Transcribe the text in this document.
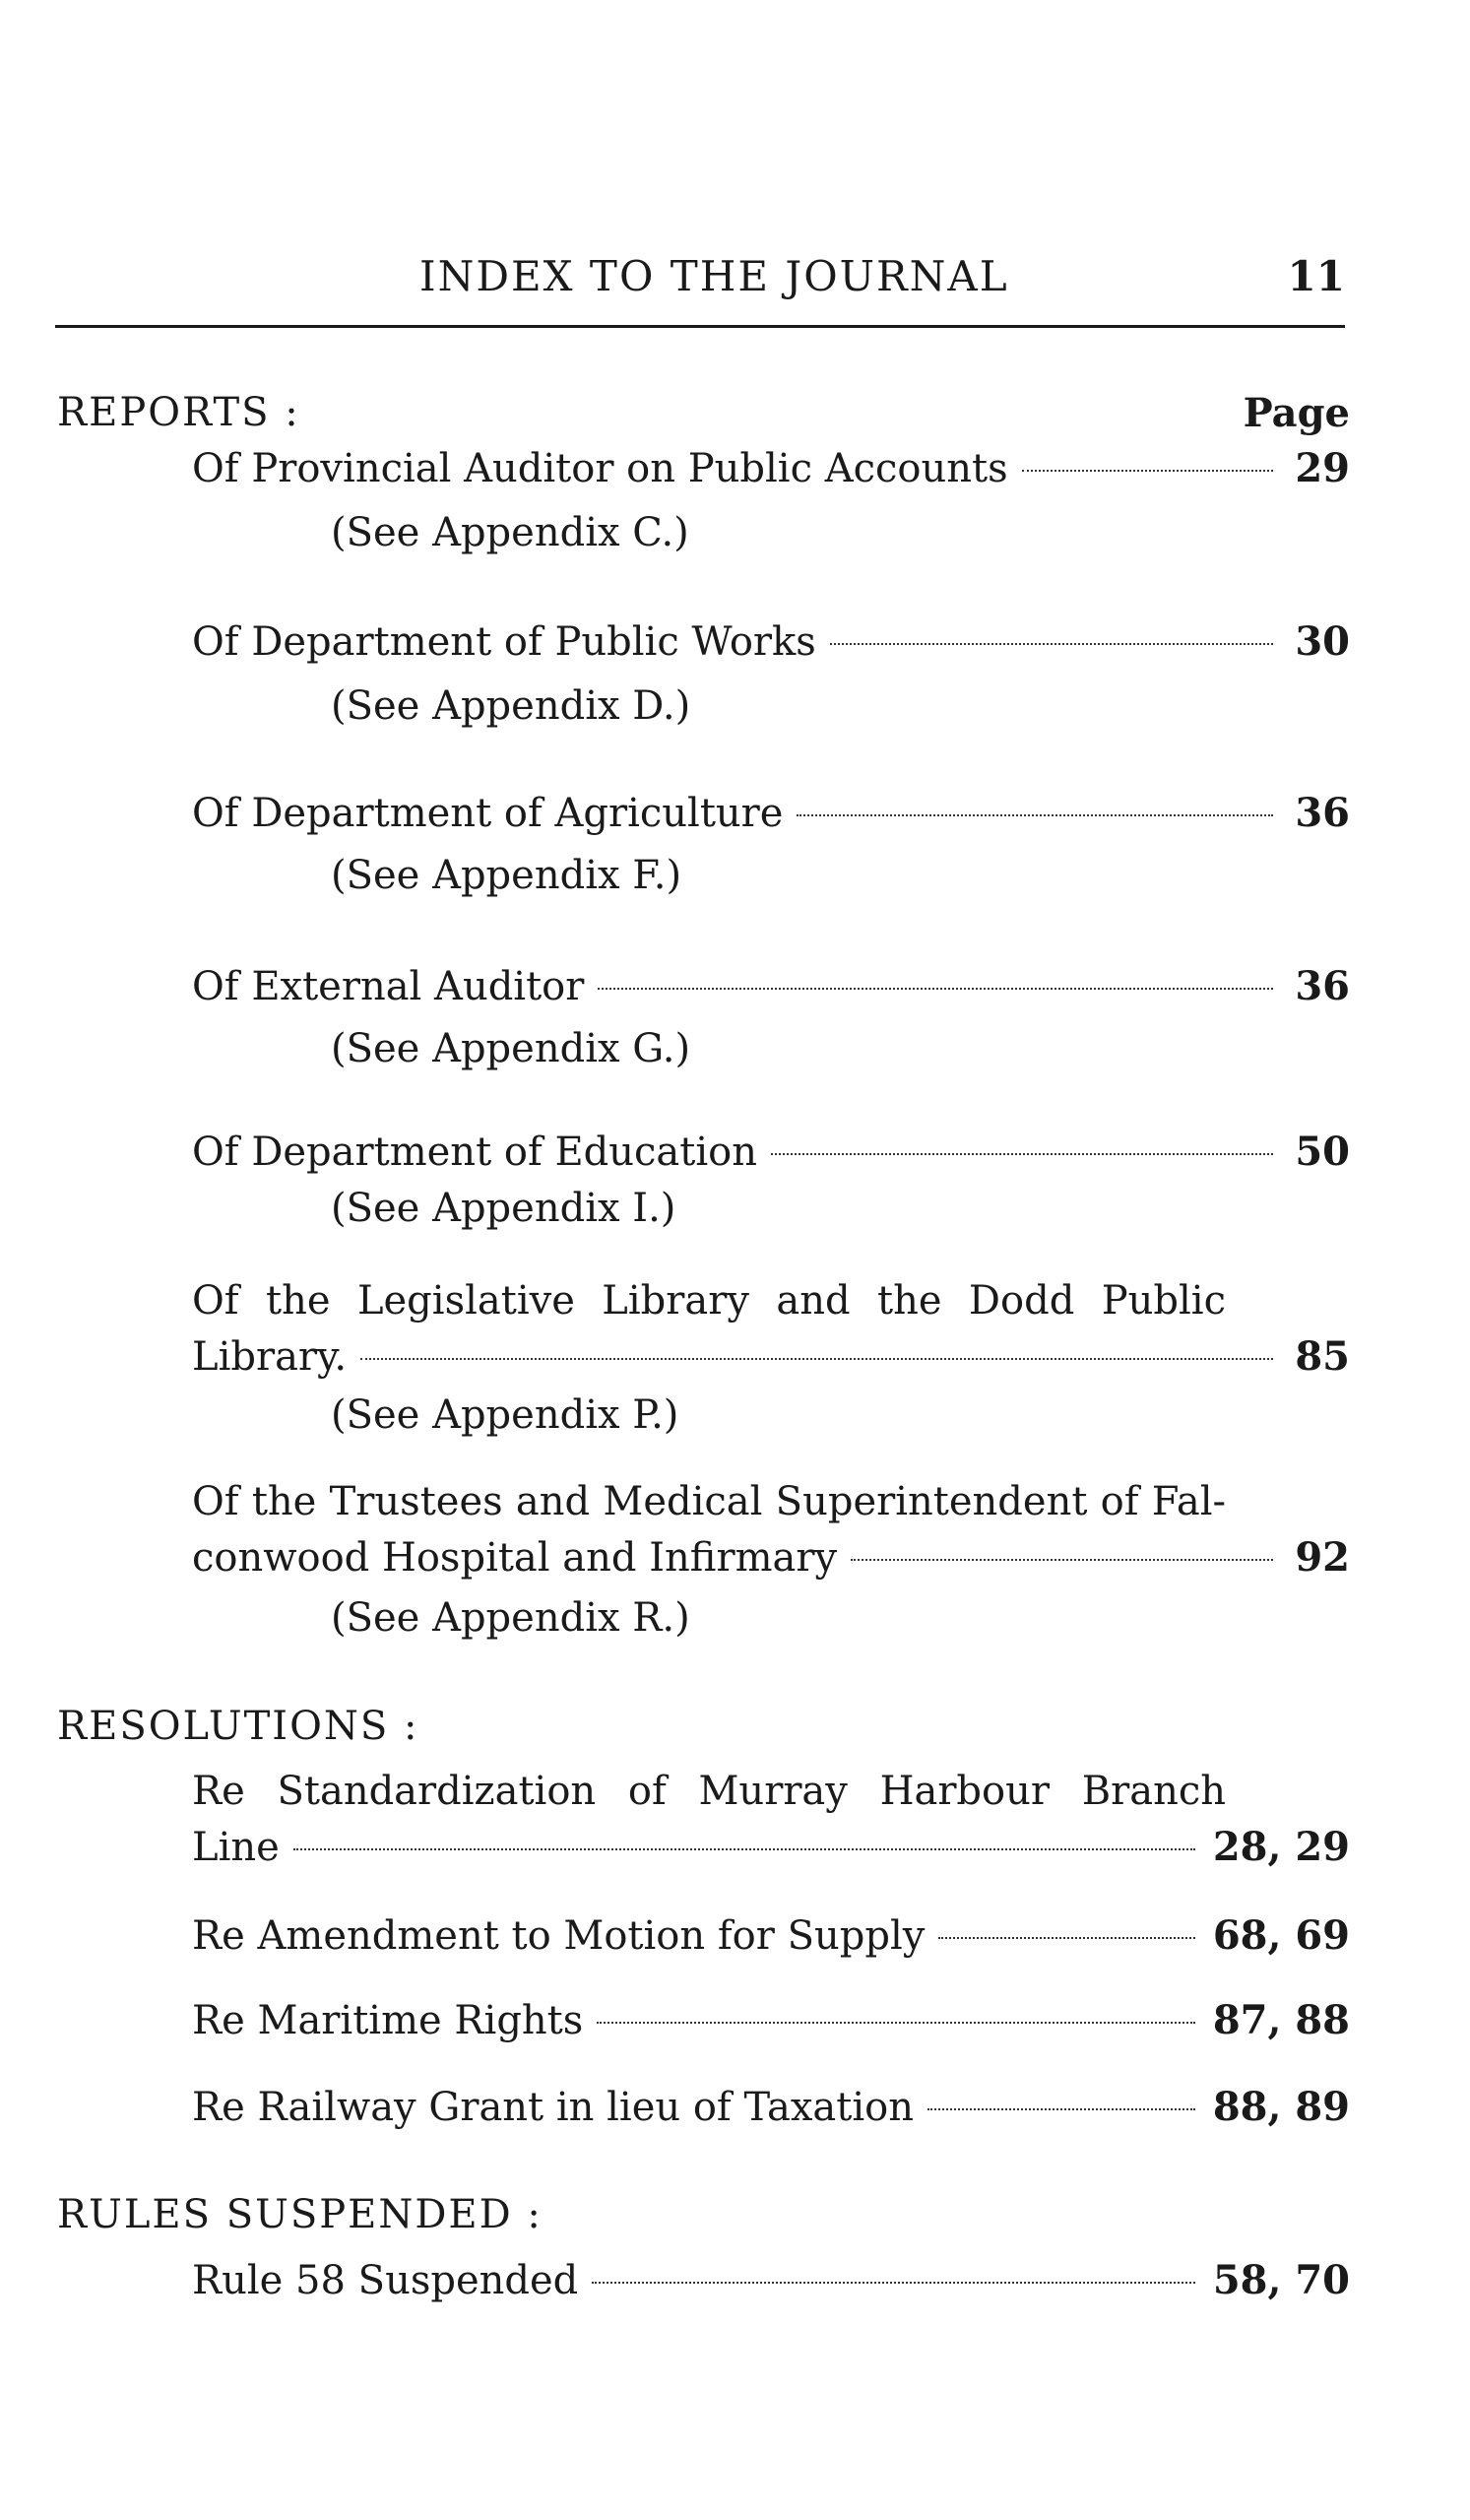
INDEX TO THE JOURNAL	11
REPORTS :	Page
Of Provincial Auditor on Public Accounts	29
(See Appendix C.)
Of Department of Public Works	30
(See Appendix D.)
Of Department of Agriculture	36
(See Appendix F.)
Of External Auditor	36
(See Appendix G.)
Of Department of Education	50
(See Appendix I.)
Of the Legislative Library and the Dodd Public
Library.	85
(See Appendix P.)
Of the Trustees and Medical Superintendent of Fal-
conwood Hospital and Infirmary	92
(See Appendix R.)
RESOLUTIONS :
Re Standardization of Murray Harbour Branch
Line	28, 29
Re Amendment to Motion for Supply	68, 69
Re Maritime Rights	87, 88
Re Railway Grant in lieu of Taxation	88, 89
RULES SUSPENDED :
Rule 58 Suspended	58, 70
